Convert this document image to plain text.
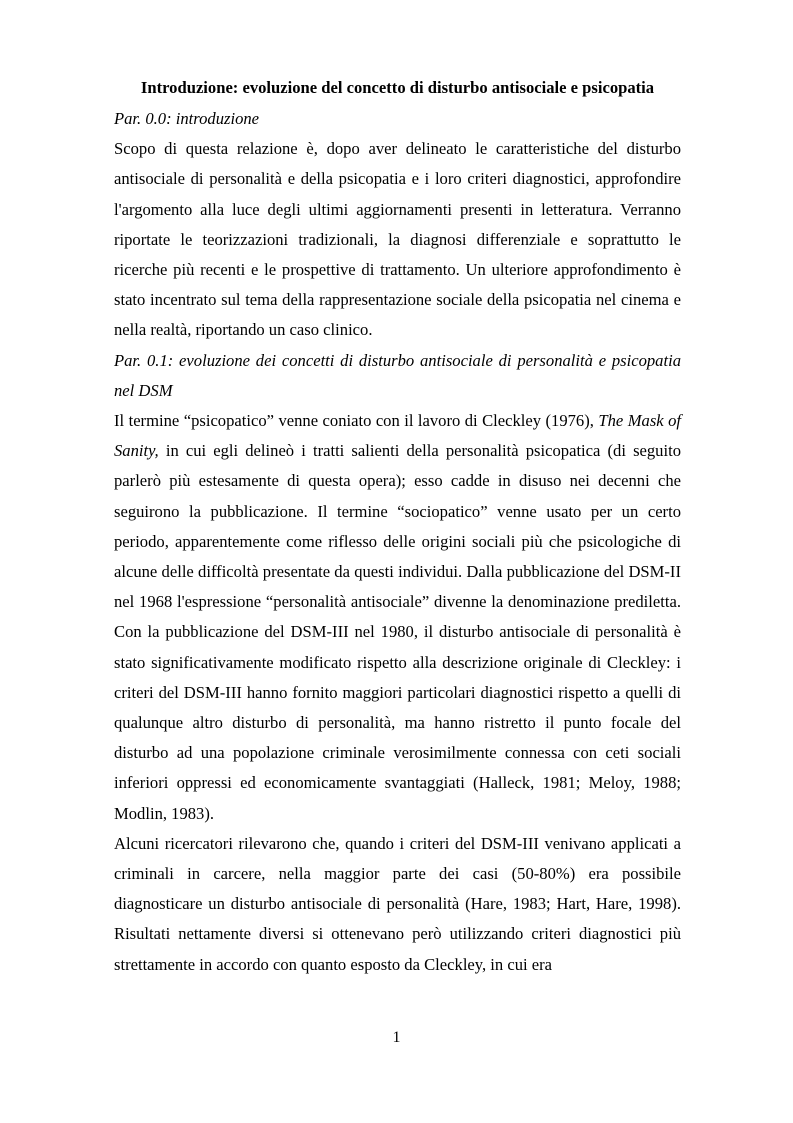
Introduzione: evoluzione del concetto di disturbo antisociale e psicopatia

Par. 0.0: introduzione

Scopo di questa relazione è, dopo aver delineato le caratteristiche del disturbo antisociale di personalità e della psicopatia e i loro criteri diagnostici, approfondire l'argomento alla luce degli ultimi aggiornamenti presenti in letteratura. Verranno riportate le teorizzazioni tradizionali, la diagnosi differenziale e soprattutto le ricerche più recenti e le prospettive di trattamento. Un ulteriore approfondimento è stato incentrato sul tema della rappresentazione sociale della psicopatia nel cinema e nella realtà, riportando un caso clinico.

Par. 0.1: evoluzione dei concetti di disturbo antisociale di personalità e psicopatia nel DSM

Il termine “psicopatico” venne coniato con il lavoro di Cleckley (1976), The Mask of Sanity, in cui egli delineò i tratti salienti della personalità psicopatica (di seguito parlerò più estesamente di questa opera); esso cadde in disuso nei decenni che seguirono la pubblicazione. Il termine “sociopatico” venne usato per un certo periodo, apparentemente come riflesso delle origini sociali più che psicologiche di alcune delle difficoltà presentate da questi individui. Dalla pubblicazione del DSM-II nel 1968 l'espressione “personalità antisociale” divenne la denominazione prediletta. Con la pubblicazione del DSM-III nel 1980, il disturbo antisociale di personalità è stato significativamente modificato rispetto alla descrizione originale di Cleckley: i criteri del DSM-III hanno fornito maggiori particolari diagnostici rispetto a quelli di qualunque altro disturbo di personalità, ma hanno ristretto il punto focale del disturbo ad una popolazione criminale verosimilmente connessa con ceti sociali inferiori oppressi ed economicamente svantaggiati (Halleck, 1981; Meloy, 1988; Modlin, 1983).

Alcuni ricercatori rilevarono che, quando i criteri del DSM-III venivano applicati a criminali in carcere, nella maggior parte dei casi (50-80%) era possibile diagnosticare un disturbo antisociale di personalità (Hare, 1983; Hart, Hare, 1998). Risultati nettamente diversi si ottenevano però utilizzando criteri diagnostici più strettamente in accordo con quanto esposto da Cleckley, in cui era

1
